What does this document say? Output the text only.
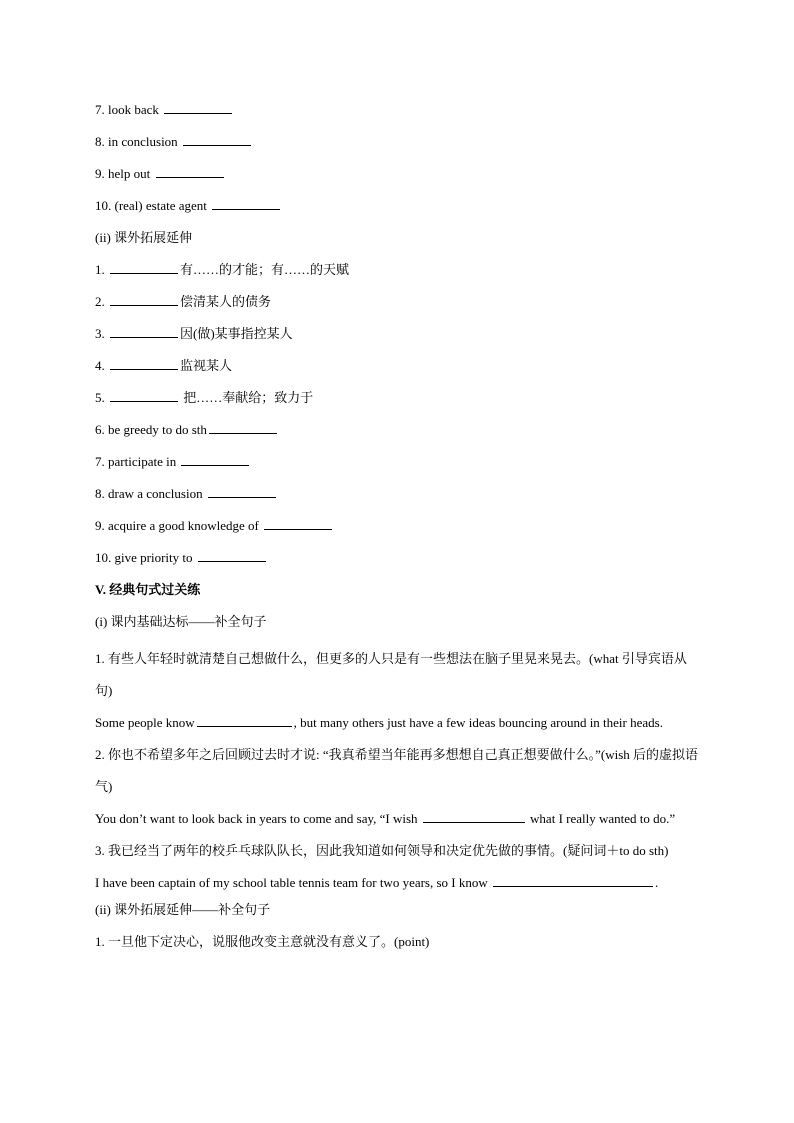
7. look back
8. in conclusion
9. help out
10. (real) estate agent
(ii) 课外拓展延伸
1.	有……的才能；有……的天赋
2.	偿清某人的债务
3.	因(做)某事指控某人
4.	监视某人
5.	把……奉献给；致力于
6. be greedy to do sth
7. participate in
8. draw a conclusion
9. acquire a good knowledge of
10. give priority to
V. 经典句式过关练
(i) 课内基础达标——补全句子
1. 有些人年轻时就清楚自己想做什么，但更多的人只是有一些想法在脑子里晃来晃去。(what 引导宾语从句)
Some people know	, but many others just have a few ideas bouncing around in their heads.
2. 你也不希望多年之后回顾过去时才说: “我真希望当年能再多想想自己真正想要做什么。”(wish 后的虚拟语气)
You don’t want to look back in years to come and say, “I wish	what I really wanted to do.”
3. 我已经当了两年的校乒乓球队队长，因此我知道如何领导和决定优先做的事情。(疑问词＋to do sth)
I have been captain of my school table tennis team for two years, so I know	.
(ii) 课外拓展延伸——补全句子
1. 一旦他下定决心，说服他改变主意就没有意义了。(point)
